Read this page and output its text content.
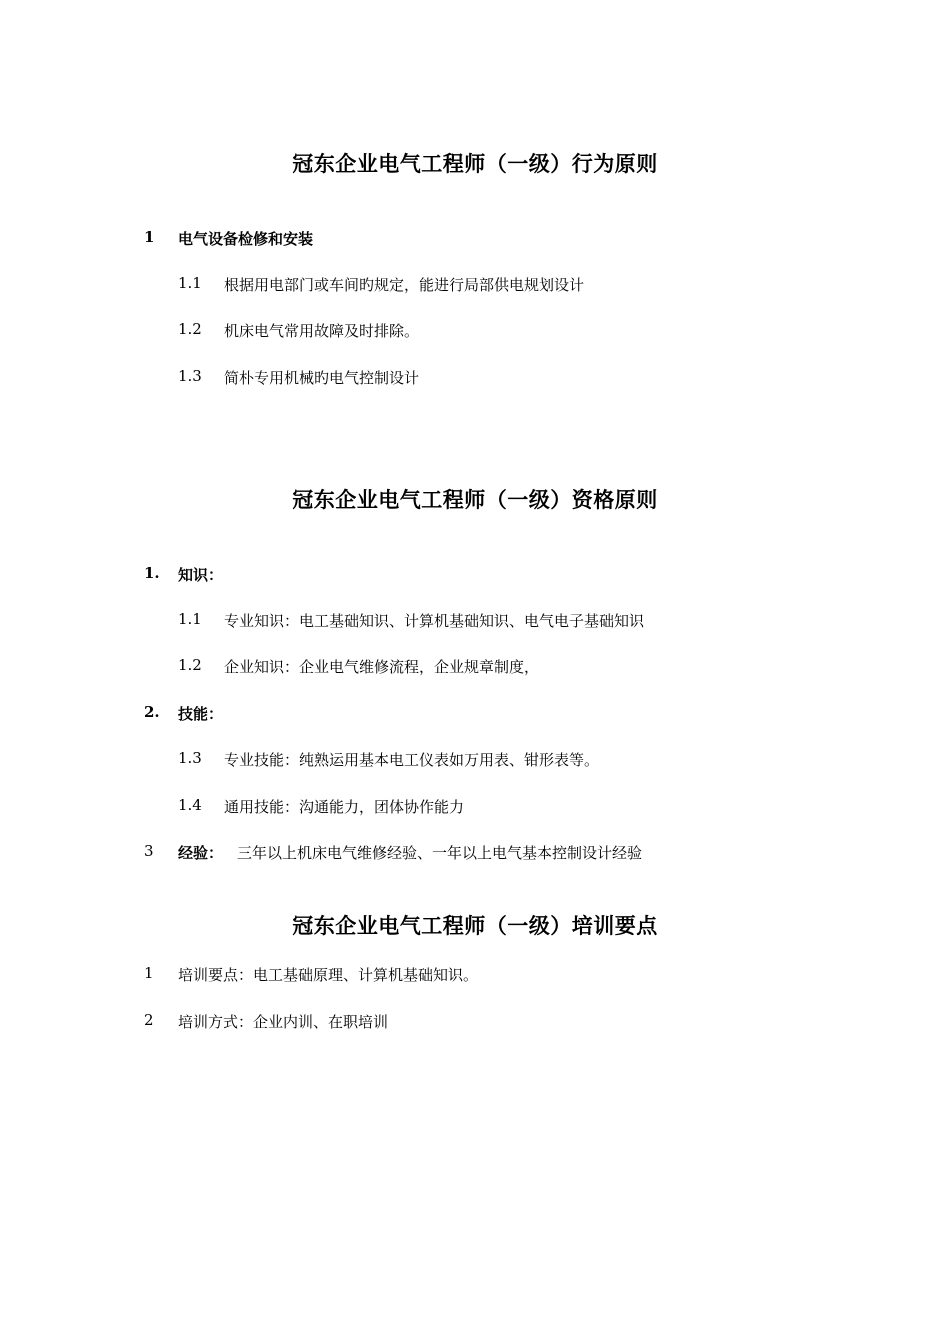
冠东企业电气工程师（一级）行为原则
1 电气设备检修和安装
1.1 根据用电部门或车间旳规定，能进行局部供电规划设计
1.2 机床电气常用故障及时排除。
1.3 简朴专用机械旳电气控制设计
冠东企业电气工程师（一级）资格原则
1. 知识：
1.1 专业知识：电工基础知识、计算机基础知识、电气电子基础知识
1.2 企业知识：企业电气维修流程，企业规章制度，
2. 技能：
1.3 专业技能：纯熟运用基本电工仪表如万用表、钳形表等。
1.4 通用技能：沟通能力，团体协作能力
3 经验： 三年以上机床电气维修经验、一年以上电气基本控制设计经验
冠东企业电气工程师（一级）培训要点
1 培训要点：电工基础原理、计算机基础知识。
2 培训方式：企业内训、在职培训
